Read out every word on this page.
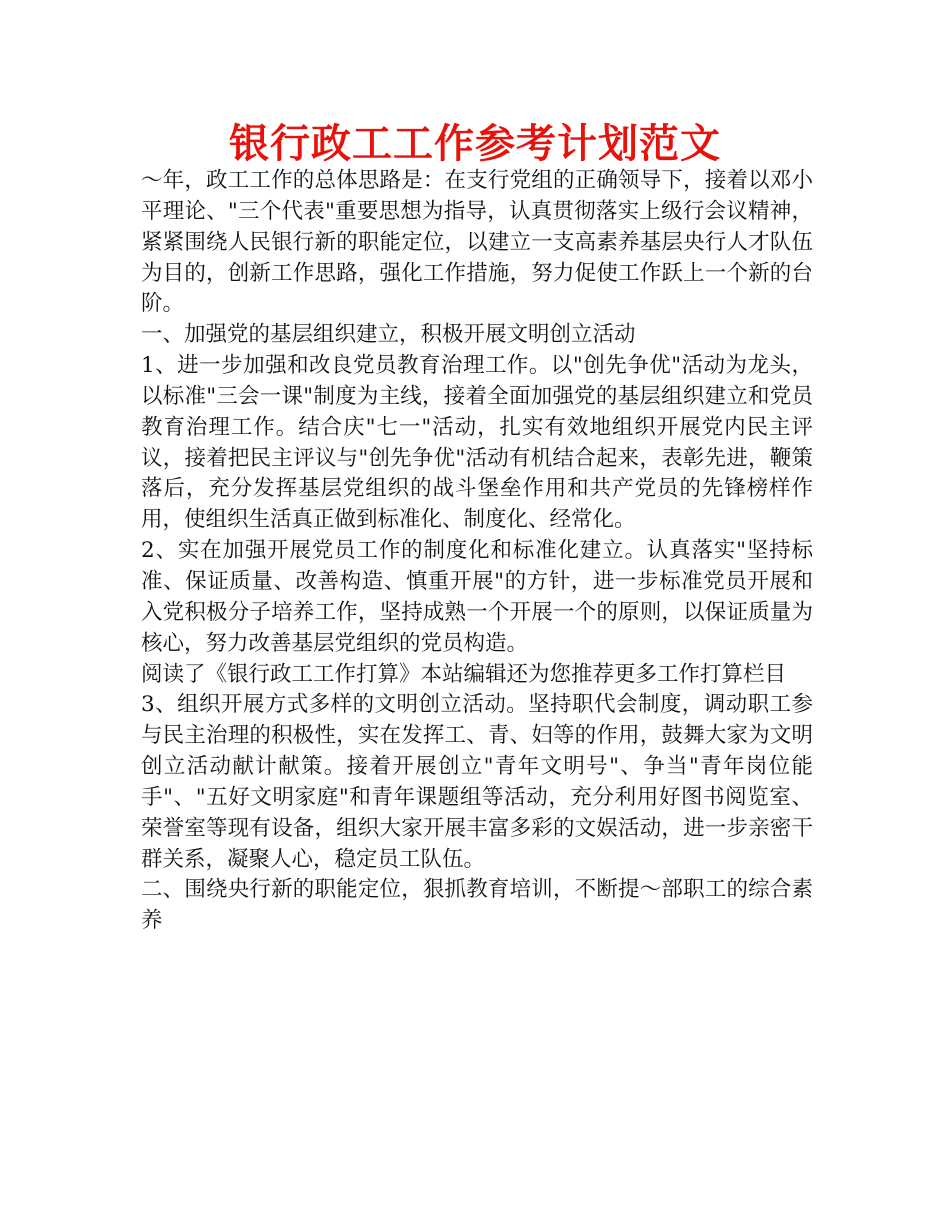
银行政工工作参考计划范文

～年，政工工作的总体思路是：在支行党组的正确领导下，接着以邓小平理论、"三个代表"重要思想为指导，认真贯彻落实上级行会议精神，紧紧围绕人民银行新的职能定位，以建立一支高素养基层央行人才队伍为目的，创新工作思路，强化工作措施，努力促使工作跃上一个新的台阶。

一、加强党的基层组织建立，积极开展文明创立活动

1、进一步加强和改良党员教育治理工作。以"创先争优"活动为龙头，以标准"三会一课"制度为主线，接着全面加强党的基层组织建立和党员教育治理工作。结合庆"七一"活动，扎实有效地组织开展党内民主评议，接着把民主评议与"创先争优"活动有机结合起来，表彰先进，鞭策落后，充分发挥基层党组织的战斗堡垒作用和共产党员的先锋榜样作用，使组织生活真正做到标准化、制度化、经常化。

2、实在加强开展党员工作的制度化和标准化建立。认真落实"坚持标准、保证质量、改善构造、慎重开展"的方针，进一步标准党员开展和入党积极分子培养工作，坚持成熟一个开展一个的原则，以保证质量为核心，努力改善基层党组织的党员构造。

阅读了《银行政工工作打算》本站编辑还为您推荐更多工作打算栏目

3、组织开展方式多样的文明创立活动。坚持职代会制度，调动职工参与民主治理的积极性，实在发挥工、青、妇等的作用，鼓舞大家为文明创立活动献计献策。接着开展创立"青年文明号"、争当"青年岗位能手"、"五好文明家庭"和青年课题组等活动，充分利用好图书阅览室、荣誉室等现有设备，组织大家开展丰富多彩的文娱活动，进一步亲密干群关系，凝聚人心，稳定员工队伍。

二、围绕央行新的职能定位，狠抓教育培训，不断提～部职工的综合素养
